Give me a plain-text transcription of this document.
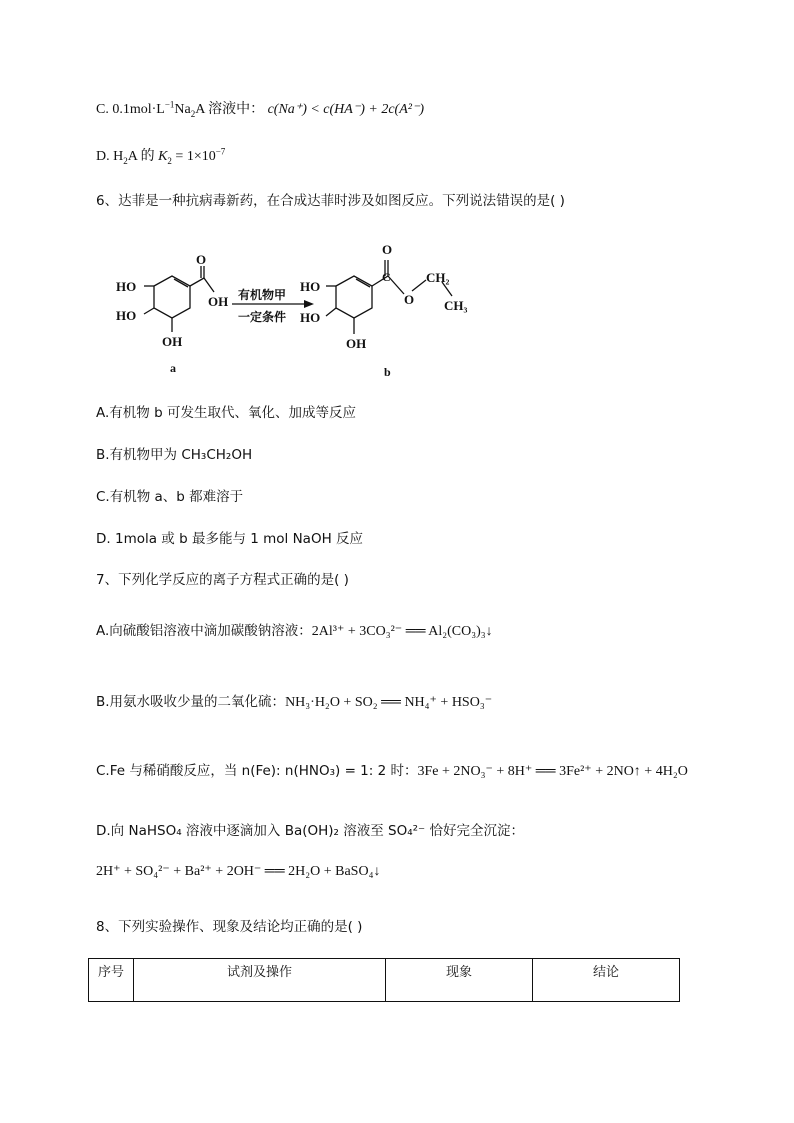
C. $0.1mol\cdot L^{-1}Na_2A$ 溶液中： c(Na⁺) < c(HA⁻) + 2c(A²⁻)
D. $H_2A$ 的 $K_2 = 1\times 10^{-7}$
6、达菲是一种抗病毒新药，在合成达菲时涉及如图反应。下列说法错误的是( )
HO
HO
OH
O
OH
a
HO
HO
OH
O
C
O
CH₂
CH₃
b
有机物甲
一定条件
A.有机物 b 可发生取代、氧化、加成等反应
B.有机物甲为 CH₃CH₂OH
C.有机物 a、b 都难溶于
D. 1mola 或 b 最多能与 1 mol NaOH 反应
7、下列化学反应的离子方程式正确的是( )
A.向硫酸铝溶液中滴加碳酸钠溶液：2Al³⁺ + 3CO₃²⁻ ══ Al₂(CO₃)₃↓
B.用氨水吸收少量的二氧化硫：NH₃·H₂O + SO₂ ══ NH₄⁺ + HSO₃⁻
C.Fe 与稀硝酸反应，当 n(Fe): n(HNO₃) = 1: 2 时：3Fe + 2NO₃⁻ + 8H⁺ ══ 3Fe²⁺ + 2NO↑ + 4H₂O
D.向 NaHSO₄ 溶液中逐滴加入 Ba(OH)₂ 溶液至 SO₄²⁻ 恰好完全沉淀：
2H⁺ + SO₄²⁻ + Ba²⁺ + 2OH⁻ ══ 2H₂O + BaSO₄↓
8、下列实验操作、现象及结论均正确的是( )
序号	试剂及操作	现象	结论
